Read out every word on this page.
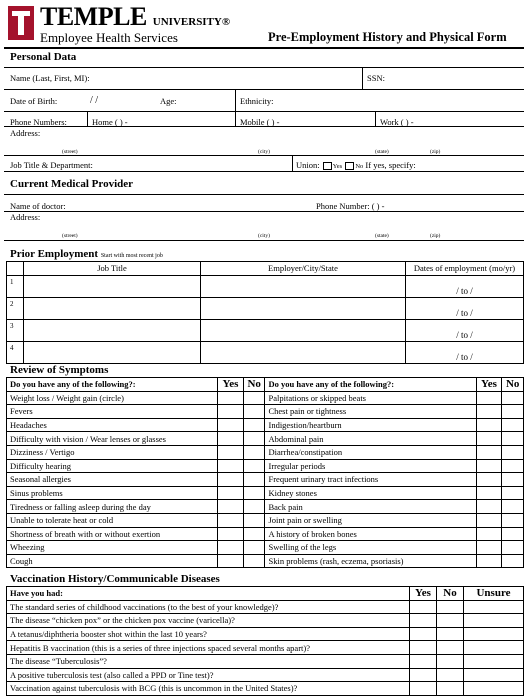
TEMPLE UNIVERSITY®
Employee Health Services	Pre-Employment History and Physical Form
Personal Data
Name (Last, First, MI):	SSN:
Date of Birth:	/ /	Age:	Ethnicity:
Phone Numbers:	Home ( ) -	Mobile ( ) -	Work ( ) -
Address:
(street)	(city)	(state)	(zip)
Job Title & Department:	Union: Yes No If yes, specify:
Current Medical Provider
Name of doctor:	Phone Number: ( ) -
Address:
(street)	(city)	(state)	(zip)
Prior Employment Start with most recent job
	Job Title	Employer/City/State	Dates of employment (mo/yr)
1			/ to /
2			/ to /
3			/ to /
4			/ to /
Review of Symptoms
Do you have any of the following?:	Yes	No	Do you have any of the following?:	Yes	No
Weight loss / Weight gain (circle)			Palpitations or skipped beats		
Fevers			Chest pain or tightness		
Headaches			Indigestion/heartburn		
Difficulty with vision / Wear lenses or glasses			Abdominal pain		
Dizziness / Vertigo			Diarrhea/constipation		
Difficulty hearing			Irregular periods		
Seasonal allergies			Frequent urinary tract infections		
Sinus problems			Kidney stones		
Tiredness or falling asleep during the day			Back pain		
Unable to tolerate heat or cold			Joint pain or swelling		
Shortness of breath with or without exertion			A history of broken bones		
Wheezing			Swelling of the legs		
Cough			Skin problems (rash, eczema, psoriasis)		
Vaccination History/Communicable Diseases
Have you had:	Yes	No	Unsure
The standard series of childhood vaccinations (to the best of your knowledge)?			
The disease “chicken pox” or the chicken pox vaccine (varicella)?			
A tetanus/diphtheria booster shot within the last 10 years?			
Hepatitis B vaccination (this is a series of three injections spaced several months apart)?			
The disease “Tuberculosis”?			
A positive tuberculosis test (also called a PPD or Tine test)?			
Vaccination against tuberculosis with BCG (this is uncommon in the United States)?			
